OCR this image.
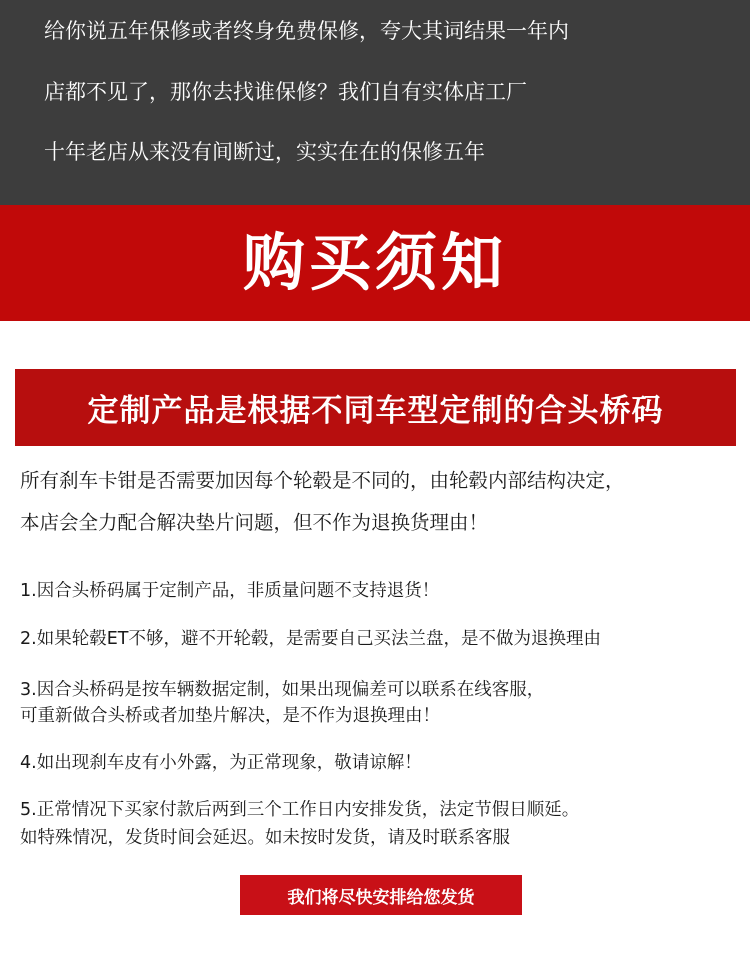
给你说五年保修或者终身免费保修，夸大其词结果一年内
店都不见了，那你去找谁保修？我们自有实体店工厂
十年老店从来没有间断过，实实在在的保修五年
购买须知
定制产品是根据不同车型定制的合头桥码
所有刹车卡钳是否需要加因每个轮毂是不同的，由轮毂内部结构决定，
本店会全力配合解决垫片问题，但不作为退换货理由！
1.因合头桥码属于定制产品，非质量问题不支持退货！
2.如果轮毂ET不够，避不开轮毂，是需要自己买法兰盘，是不做为退换理由
3.因合头桥码是按车辆数据定制，如果出现偏差可以联系在线客服，
可重新做合头桥或者加垫片解决，是不作为退换理由！
4.如出现刹车皮有小外露，为正常现象，敬请谅解！
5.正常情况下买家付款后两到三个工作日内安排发货，法定节假日顺延。
如特殊情况，发货时间会延迟。如未按时发货，请及时联系客服
我们将尽快安排给您发货
